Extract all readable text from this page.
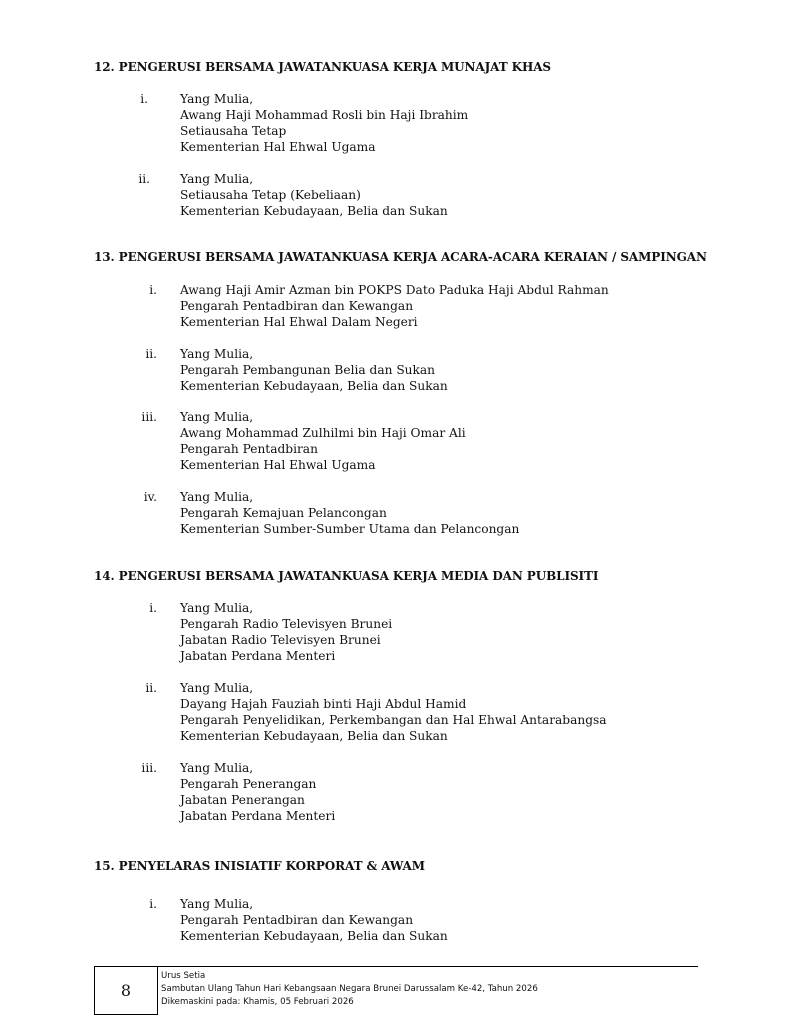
12. PENGERUSI BERSAMA JAWATANKUASA KERJA MUNAJAT KHAS
i.	Yang Mulia,
Awang Haji Mohammad Rosli bin Haji Ibrahim
Setiausaha Tetap
Kementerian Hal Ehwal Ugama
ii. Yang Mulia,
Setiausaha Tetap (Kebeliaan)
Kementerian Kebudayaan, Belia dan Sukan
13. PENGERUSI BERSAMA JAWATANKUASA KERJA ACARA-ACARA KERAIAN / SAMPINGAN
i. Awang Haji Amir Azman bin POKPS Dato Paduka Haji Abdul Rahman
Pengarah Pentadbiran dan Kewangan
Kementerian Hal Ehwal Dalam Negeri
ii. Yang Mulia,
Pengarah Pembangunan Belia dan Sukan
Kementerian Kebudayaan, Belia dan Sukan
iii. Yang Mulia,
Awang Mohammad Zulhilmi bin Haji Omar Ali
Pengarah Pentadbiran
Kementerian Hal Ehwal Ugama
iv. Yang Mulia,
Pengarah Kemajuan Pelancongan
Kementerian Sumber-Sumber Utama dan Pelancongan
14. PENGERUSI BERSAMA JAWATANKUASA KERJA MEDIA DAN PUBLISITI
i. Yang Mulia,
Pengarah Radio Televisyen Brunei
Jabatan Radio Televisyen Brunei
Jabatan Perdana Menteri
ii. Yang Mulia,
Dayang Hajah Fauziah binti Haji Abdul Hamid
Pengarah Penyelidikan, Perkembangan dan Hal Ehwal Antarabangsa
Kementerian Kebudayaan, Belia dan Sukan
iii. Yang Mulia,
Pengarah Penerangan
Jabatan Penerangan
Jabatan Perdana Menteri
15. PENYELARAS INISIATIF KORPORAT & AWAM
i. Yang Mulia,
Pengarah Pentadbiran dan Kewangan
Kementerian Kebudayaan, Belia dan Sukan
8
Urus Setia
Sambutan Ulang Tahun Hari Kebangsaan Negara Brunei Darussalam Ke-42, Tahun 2026
Dikemaskini pada: Khamis, 05 Februari 2026
